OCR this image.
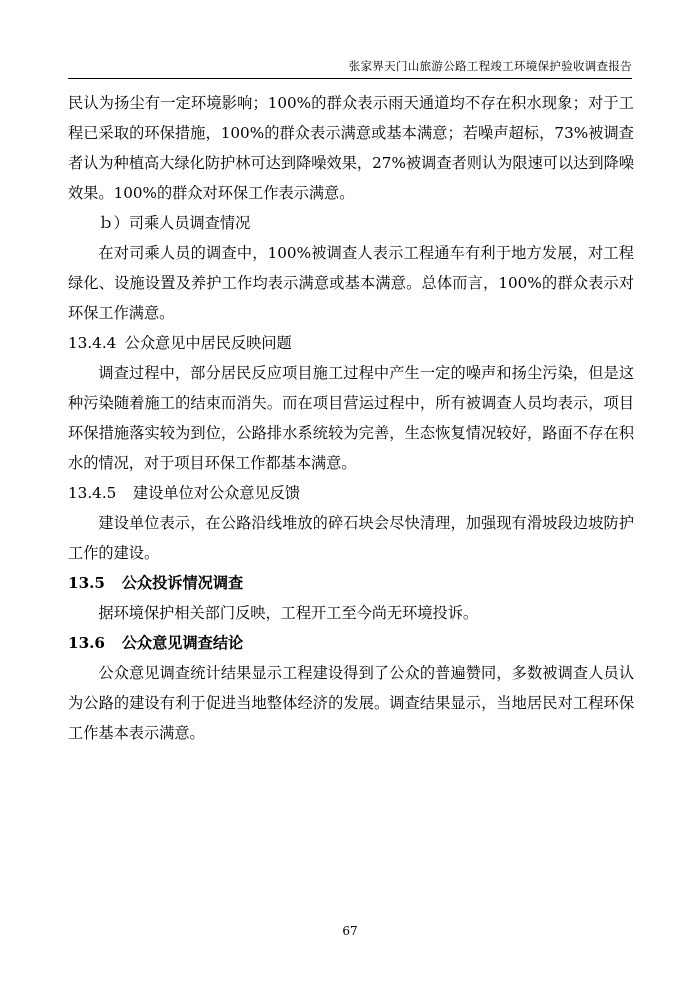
张家界天门山旅游公路工程竣工环境保护验收调查报告

民认为扬尘有一定环境影响；100%的群众表示雨天通道均不存在积水现象；对于工程已采取的环保措施，100%的群众表示满意或基本满意；若噪声超标，73%被调查者认为种植高大绿化防护林可达到降噪效果，27%被调查者则认为限速可以达到降噪效果。100%的群众对环保工作表示满意。

ｂ）司乘人员调查情况

在对司乘人员的调查中，100%被调查人表示工程通车有利于地方发展，对工程绿化、设施设置及养护工作均表示满意或基本满意。总体而言，100%的群众表示对环保工作满意。

13.4.4 公众意见中居民反映问题

调查过程中，部分居民反应项目施工过程中产生一定的噪声和扬尘污染，但是这种污染随着施工的结束而消失。而在项目营运过程中，所有被调查人员均表示，项目环保措施落实较为到位，公路排水系统较为完善，生态恢复情况较好，路面不存在积水的情况，对于项目环保工作都基本满意。

13.4.5 建设单位对公众意见反馈

建设单位表示，在公路沿线堆放的碎石块会尽快清理，加强现有滑坡段边坡防护工作的建设。

13.5 公众投诉情况调查

据环境保护相关部门反映，工程开工至今尚无环境投诉。

13.6 公众意见调查结论

公众意见调查统计结果显示工程建设得到了公众的普遍赞同，多数被调查人员认为公路的建设有利于促进当地整体经济的发展。调查结果显示，当地居民对工程环保工作基本表示满意。

67
